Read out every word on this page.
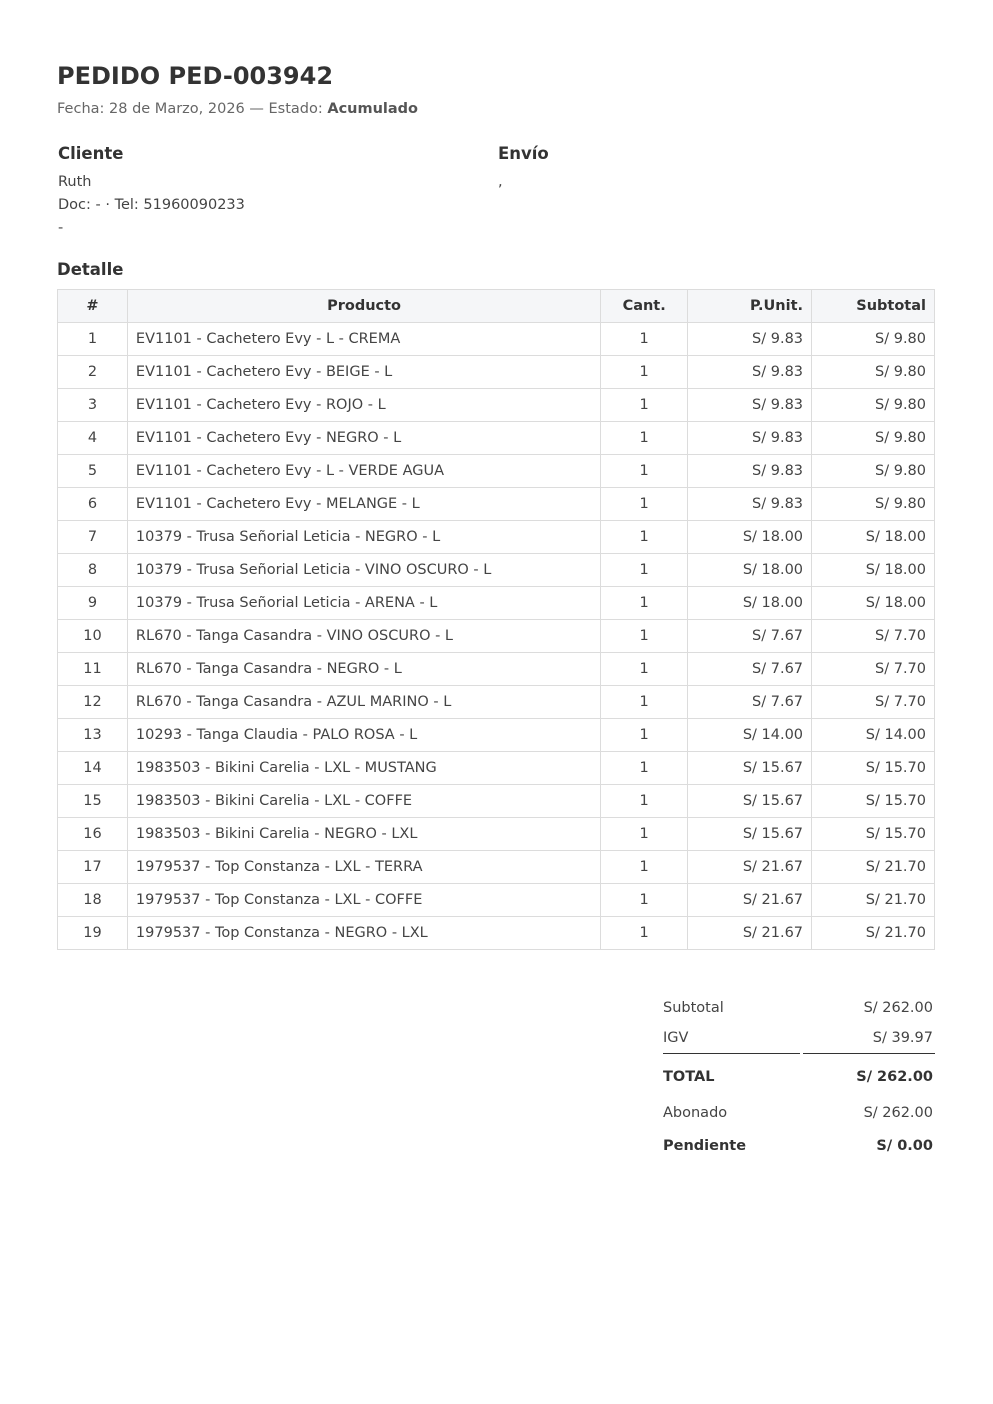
PEDIDO PED-003942
Fecha: 28 de Marzo, 2026 — Estado: Acumulado
Cliente
Ruth
Doc: - · Tel: 51960090233
-
Envío
,
Detalle
#	Producto	Cant.	P.Unit.	Subtotal
1	EV1101 - Cachetero Evy - L - CREMA	1	S/ 9.83	S/ 9.80
2	EV1101 - Cachetero Evy - BEIGE - L	1	S/ 9.83	S/ 9.80
3	EV1101 - Cachetero Evy - ROJO - L	1	S/ 9.83	S/ 9.80
4	EV1101 - Cachetero Evy - NEGRO - L	1	S/ 9.83	S/ 9.80
5	EV1101 - Cachetero Evy - L - VERDE AGUA	1	S/ 9.83	S/ 9.80
6	EV1101 - Cachetero Evy - MELANGE - L	1	S/ 9.83	S/ 9.80
7	10379 - Trusa Señorial Leticia - NEGRO - L	1	S/ 18.00	S/ 18.00
8	10379 - Trusa Señorial Leticia - VINO OSCURO - L	1	S/ 18.00	S/ 18.00
9	10379 - Trusa Señorial Leticia - ARENA - L	1	S/ 18.00	S/ 18.00
10	RL670 - Tanga Casandra - VINO OSCURO - L	1	S/ 7.67	S/ 7.70
11	RL670 - Tanga Casandra - NEGRO - L	1	S/ 7.67	S/ 7.70
12	RL670 - Tanga Casandra - AZUL MARINO - L	1	S/ 7.67	S/ 7.70
13	10293 - Tanga Claudia - PALO ROSA - L	1	S/ 14.00	S/ 14.00
14	1983503 - Bikini Carelia - LXL - MUSTANG	1	S/ 15.67	S/ 15.70
15	1983503 - Bikini Carelia - LXL - COFFE	1	S/ 15.67	S/ 15.70
16	1983503 - Bikini Carelia - NEGRO - LXL	1	S/ 15.67	S/ 15.70
17	1979537 - Top Constanza - LXL - TERRA	1	S/ 21.67	S/ 21.70
18	1979537 - Top Constanza - LXL - COFFE	1	S/ 21.67	S/ 21.70
19	1979537 - Top Constanza - NEGRO - LXL	1	S/ 21.67	S/ 21.70
Subtotal	S/ 262.00
IGV	S/ 39.97
TOTAL	S/ 262.00
Abonado	S/ 262.00
Pendiente	S/ 0.00
